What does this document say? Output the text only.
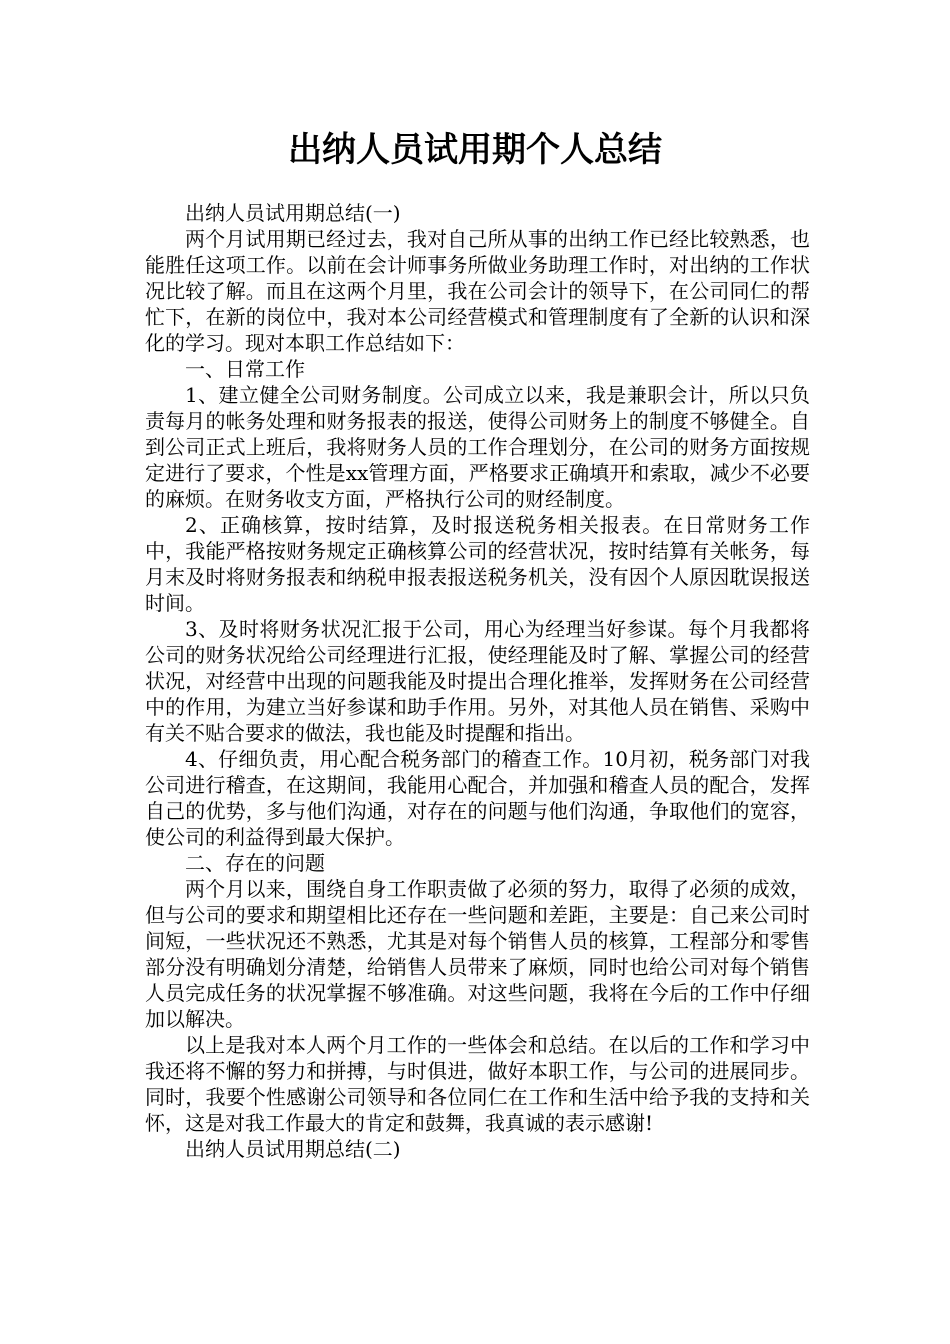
出纳人员试用期个人总结

出纳人员试用期总结(一)

两个月试用期已经过去，我对自己所从事的出纳工作已经比较熟悉，也能胜任这项工作。以前在会计师事务所做业务助理工作时，对出纳的工作状况比较了解。而且在这两个月里，我在公司会计的领导下，在公司同仁的帮忙下，在新的岗位中，我对本公司经营模式和管理制度有了全新的认识和深化的学习。现对本职工作总结如下：

一、日常工作

1、建立健全公司财务制度。公司成立以来，我是兼职会计，所以只负责每月的帐务处理和财务报表的报送，使得公司财务上的制度不够健全。自到公司正式上班后，我将财务人员的工作合理划分，在公司的财务方面按规定进行了要求，个性是xx管理方面，严格要求正确填开和索取，减少不必要的麻烦。在财务收支方面，严格执行公司的财经制度。

2、正确核算，按时结算，及时报送税务相关报表。在日常财务工作中，我能严格按财务规定正确核算公司的经营状况，按时结算有关帐务，每月末及时将财务报表和纳税申报表报送税务机关，没有因个人原因耽误报送时间。

3、及时将财务状况汇报于公司，用心为经理当好参谋。每个月我都将公司的财务状况给公司经理进行汇报，使经理能及时了解、掌握公司的经营状况，对经营中出现的问题我能及时提出合理化推举，发挥财务在公司经营中的作用，为建立当好参谋和助手作用。另外，对其他人员在销售、采购中有关不贴合要求的做法，我也能及时提醒和指出。

4、仔细负责，用心配合税务部门的稽查工作。10月初，税务部门对我公司进行稽查，在这期间，我能用心配合，并加强和稽查人员的配合，发挥自己的优势，多与他们沟通，对存在的问题与他们沟通，争取他们的宽容，使公司的利益得到最大保护。

二、存在的问题

两个月以来，围绕自身工作职责做了必须的努力，取得了必须的成效，但与公司的要求和期望相比还存在一些问题和差距，主要是：自己来公司时间短，一些状况还不熟悉，尤其是对每个销售人员的核算，工程部分和零售部分没有明确划分清楚，给销售人员带来了麻烦，同时也给公司对每个销售人员完成任务的状况掌握不够准确。对这些问题，我将在今后的工作中仔细加以解决。

以上是我对本人两个月工作的一些体会和总结。在以后的工作和学习中我还将不懈的努力和拼搏，与时俱进，做好本职工作，与公司的进展同步。同时，我要个性感谢公司领导和各位同仁在工作和生活中给予我的支持和关怀，这是对我工作最大的肯定和鼓舞，我真诚的表示感谢!

出纳人员试用期总结(二)
